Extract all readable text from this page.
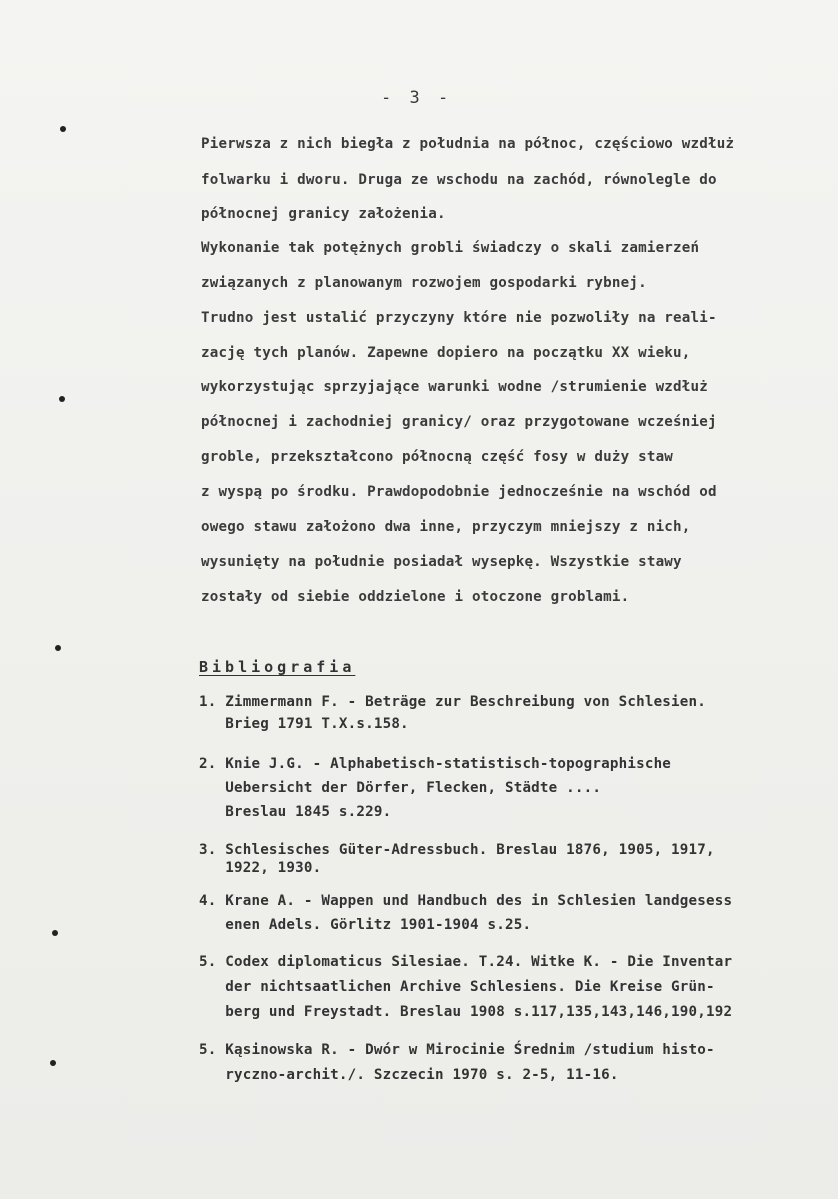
- 3 -
Pierwsza z nich biegła z południa na północ, częściowo wzdłuż
folwarku i dworu. Druga ze wschodu na zachód, równolegle do
północnej granicy założenia.
Wykonanie tak potężnych grobli świadczy o skali zamierzeń
związanych z planowanym rozwojem gospodarki rybnej.
Trudno jest ustalić przyczyny które nie pozwoliły na reali-
zację tych planów. Zapewne dopiero na początku XX wieku,
wykorzystując sprzyjające warunki wodne /strumienie wzdłuż
północnej i zachodniej granicy/ oraz przygotowane wcześniej
groble, przekształcono północną część fosy w duży staw
z wyspą po środku. Prawdopodobnie jednocześnie na wschód od
owego stawu założono dwa inne, przyczym mniejszy z nich,
wysunięty na południe posiadał wysepkę. Wszystkie stawy
zostały od siebie oddzielone i otoczone groblami.
Bibliografia
1. Zimmermann F. - Beträge zur Beschreibung von Schlesien.
Brieg 1791 T.X.s.158.
2. Knie J.G. - Alphabetisch-statistisch-topographische
Uebersicht der Dörfer, Flecken, Städte ....
Breslau 1845 s.229.
3. Schlesisches Güter-Adressbuch. Breslau 1876, 1905, 1917,
1922, 1930.
4. Krane A. - Wappen und Handbuch des in Schlesien landgesess
enen Adels. Görlitz 1901-1904 s.25.
5. Codex diplomaticus Silesiae. T.24. Witke K. - Die Inventar
der nichtsaatlichen Archive Schlesiens. Die Kreise Grün-
berg und Freystadt. Breslau 1908 s.117,135,143,146,190,192
5. Kąsinowska R. - Dwór w Mirocinie Średnim /studium histo-
ryczno-archit./. Szczecin 1970 s. 2-5, 11-16.
